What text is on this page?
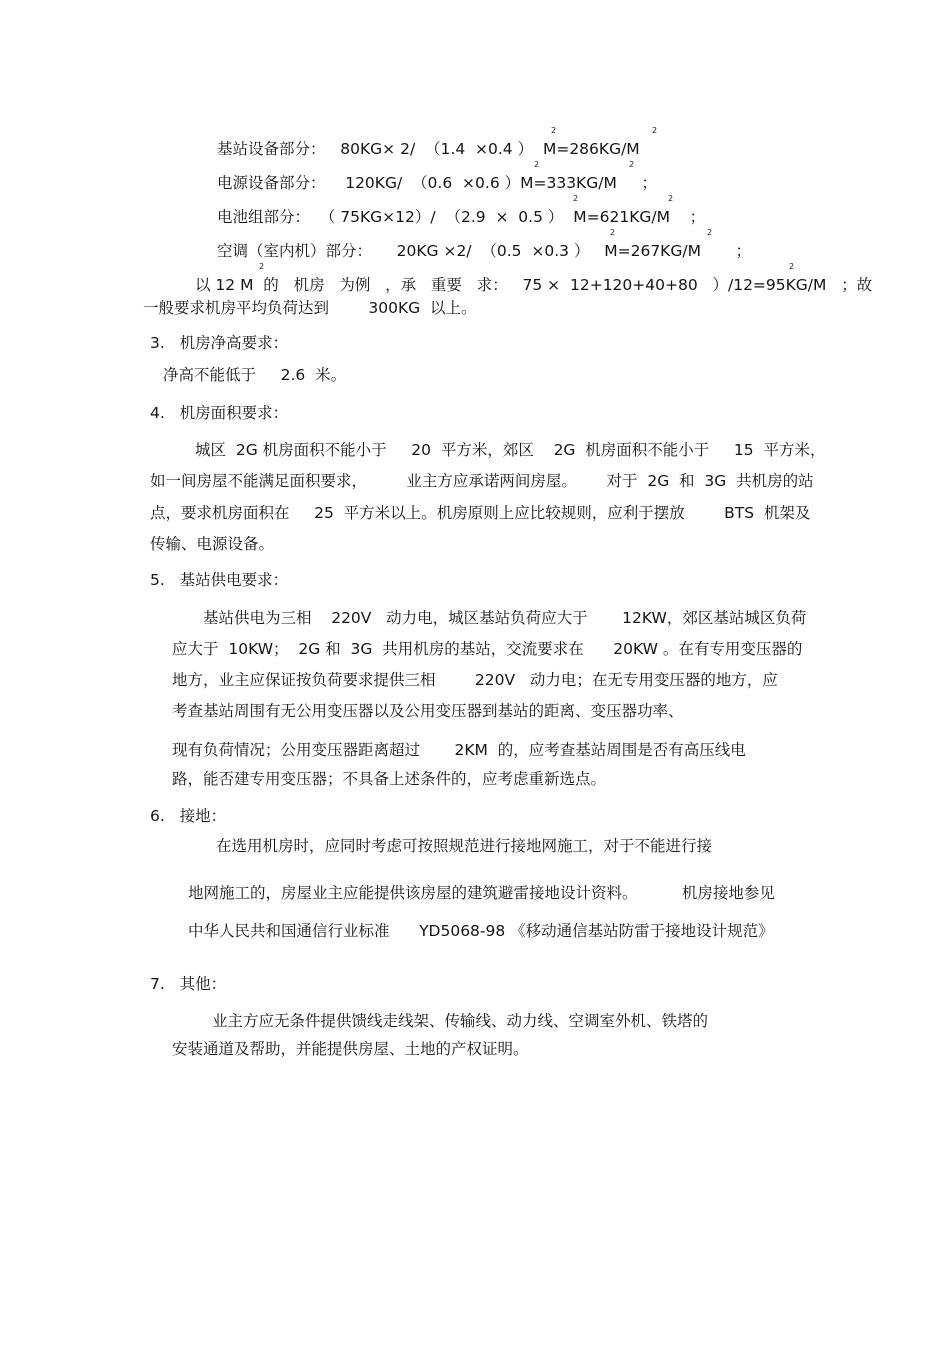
基站设备部分：   80KG× 2/  （1.4  ×0.4 ）  M=286KG/M
2	2
电源设备部分：    120KG/  （0.6  ×0.6 ）M=333KG/M     ；
2	2
电池组部分：  （ 75KG×12）/  （2.9  ×  0.5 ）  M=621KG/M    ；
2	2
空调（室内机）部分：     20KG ×2/  （0.5  ×0.3 ）   M=267KG/M       ；
2	2
2
以 12 M  的   机房   为例   ，承   重要   求：   75 ×  12+120+40+80   ）/12=95KG/M   ；故
2
一般要求机房平均负荷达到        300KG  以上。
3.   机房净高要求：
净高不能低于     2.6  米。
4.   机房面积要求：
城区  2G 机房面积不能小于     20  平方米，郊区    2G  机房面积不能小于     15  平方米，
如一间房屋不能满足面积要求，        业主方应承诺两间房屋。      对于  2G  和  3G  共机房的站
点，要求机房面积在     25  平方米以上。机房原则上应比较规则，应利于摆放        BTS  机架及
传输、电源设备。
5.   基站供电要求：
基站供电为三相    220V   动力电，城区基站负荷应大于       12KW，郊区基站城区负荷
应大于  10KW；  2G 和  3G  共用机房的基站，交流要求在      20KW 。在有专用变压器的
地方，业主应保证按负荷要求提供三相        220V   动力电；在无专用变压器的地方，应
考查基站周围有无公用变压器以及公用变压器到基站的距离、变压器功率、
现有负荷情况；公用变压器距离超过       2KM  的，应考查基站周围是否有高压线电
路，能否建专用变压器；不具备上述条件的，应考虑重新选点。
6.   接地：
在选用机房时，应同时考虑可按照规范进行接地网施工，对于不能进行接
地网施工的，房屋业主应能提供该房屋的建筑避雷接地设计资料。         机房接地参见
中华人民共和国通信行业标准      YD5068-98 《移动通信基站防雷于接地设计规范》
7.   其他：
业主方应无条件提供馈线走线架、传输线、动力线、空调室外机、铁塔的
安装通道及帮助，并能提供房屋、土地的产权证明。
